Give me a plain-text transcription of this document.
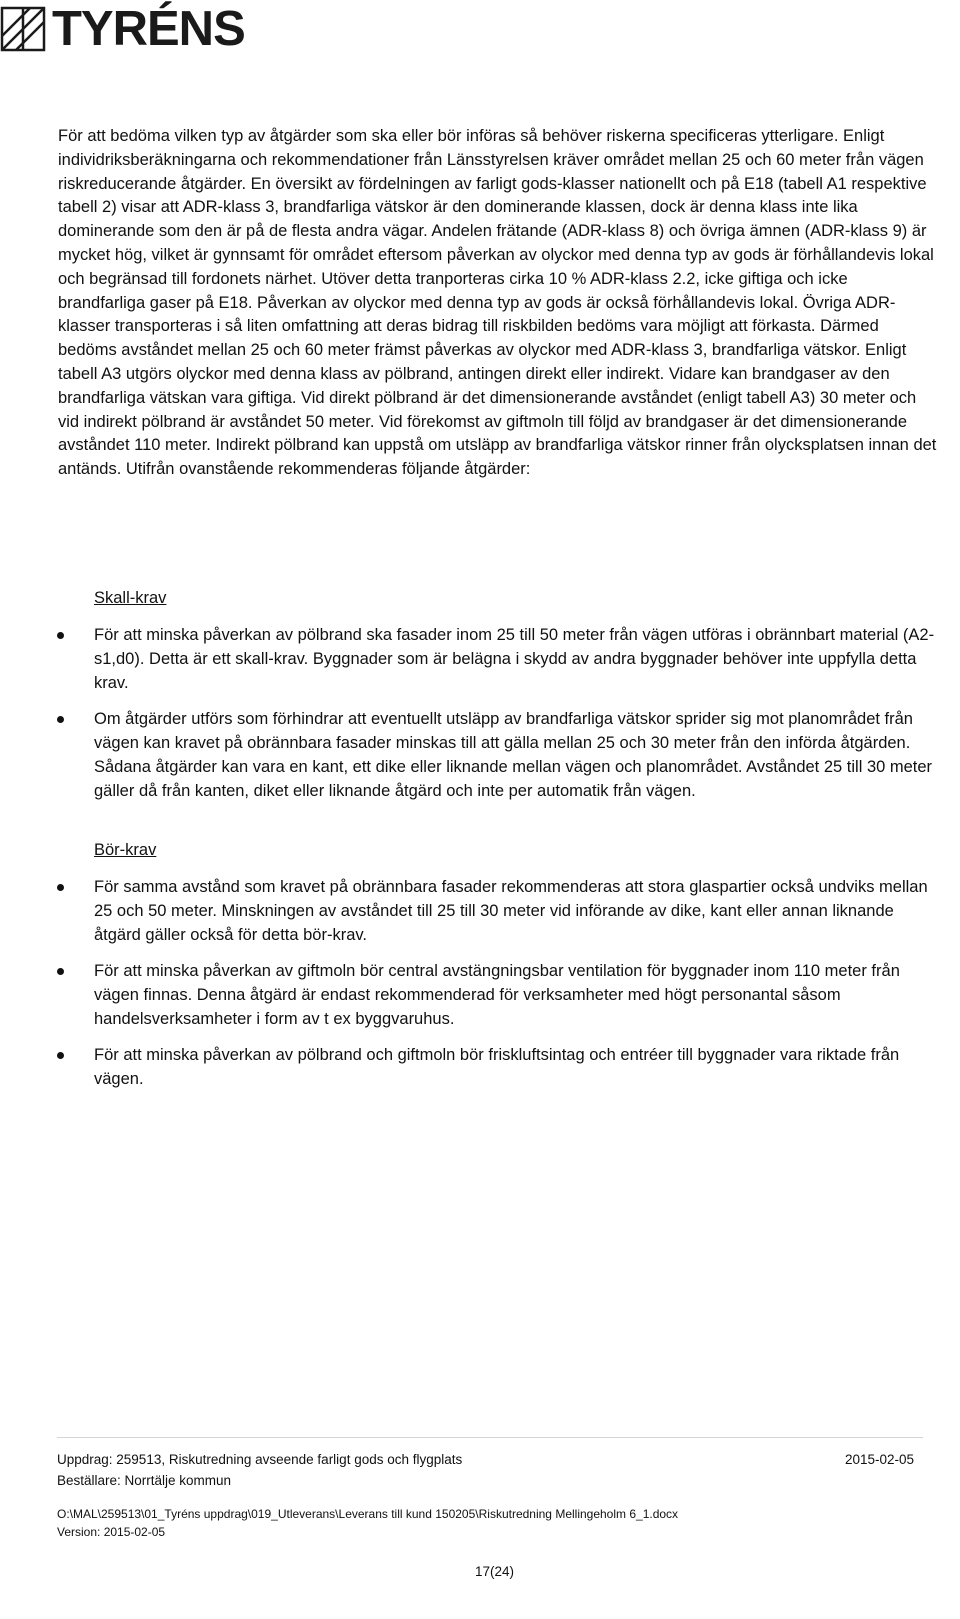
TYRÉNS

För att bedöma vilken typ av åtgärder som ska eller bör införas så behöver riskerna specificeras ytterligare. Enligt individriksberäkningarna och rekommendationer från Länsstyrelsen kräver området mellan 25 och 60 meter från vägen riskreducerande åtgärder. En översikt av fördelningen av farligt gods-klasser nationellt och på E18 (tabell A1 respektive tabell 2) visar att ADR-klass 3, brandfarliga vätskor är den dominerande klassen, dock är denna klass inte lika dominerande som den är på de flesta andra vägar. Andelen frätande (ADR-klass 8) och övriga ämnen (ADR-klass 9) är mycket hög, vilket är gynnsamt för området eftersom påverkan av olyckor med denna typ av gods är förhållandevis lokal och begränsad till fordonets närhet. Utöver detta tranporteras cirka 10 % ADR-klass 2.2, icke giftiga och icke brandfarliga gaser på E18. Påverkan av olyckor med denna typ av gods är också förhållandevis lokal. Övriga ADR-klasser transporteras i så liten omfattning att deras bidrag till riskbilden bedöms vara möjligt att förkasta. Därmed bedöms avståndet mellan 25 och 60 meter främst påverkas av olyckor med ADR-klass 3, brandfarliga vätskor. Enligt tabell A3 utgörs olyckor med denna klass av pölbrand, antingen direkt eller indirekt. Vidare kan brandgaser av den brandfarliga vätskan vara giftiga. Vid direkt pölbrand är det dimensionerande avståndet (enligt tabell A3) 30 meter och vid indirekt pölbrand är avståndet 50 meter. Vid förekomst av giftmoln till följd av brandgaser är det dimensionerande avståndet 110 meter. Indirekt pölbrand kan uppstå om utsläpp av brandfarliga vätskor rinner från olycksplatsen innan det antänds. Utifrån ovanstående rekommenderas följande åtgärder:

Skall-krav

För att minska påverkan av pölbrand ska fasader inom 25 till 50 meter från vägen utföras i obrännbart material (A2-s1,d0). Detta är ett skall-krav. Byggnader som är belägna i skydd av andra byggnader behöver inte uppfylla detta krav.
Om åtgärder utförs som förhindrar att eventuellt utsläpp av brandfarliga vätskor sprider sig mot planområdet från vägen kan kravet på obrännbara fasader minskas till att gälla mellan 25 och 30 meter från den införda åtgärden. Sådana åtgärder kan vara en kant, ett dike eller liknande mellan vägen och planområdet. Avståndet 25 till 30 meter gäller då från kanten, diket eller liknande åtgärd och inte per automatik från vägen.

Bör-krav

För samma avstånd som kravet på obrännbara fasader rekommenderas att stora glaspartier också undviks mellan 25 och 50 meter. Minskningen av avståndet till 25 till 30 meter vid införande av dike, kant eller annan liknande åtgärd gäller också för detta bör-krav.
För att minska påverkan av giftmoln bör central avstängningsbar ventilation för byggnader inom 110 meter från vägen finnas. Denna åtgärd är endast rekommenderad för verksamheter med högt personantal såsom handelsverksamheter i form av t ex byggvaruhus.
För att minska påverkan av pölbrand och giftmoln bör friskluftsintag och entréer till byggnader vara riktade från vägen.

Uppdrag: 259513, Riskutredning avseende farligt gods och flygplats	2015-02-05

Beställare: Norrtälje kommun

O:\MAL\259513\01_Tyréns uppdrag\019_Utleverans\Leverans till kund 150205\Riskutredning Mellingeholm 6_1.docx

Version: 2015-02-05

17(24)
